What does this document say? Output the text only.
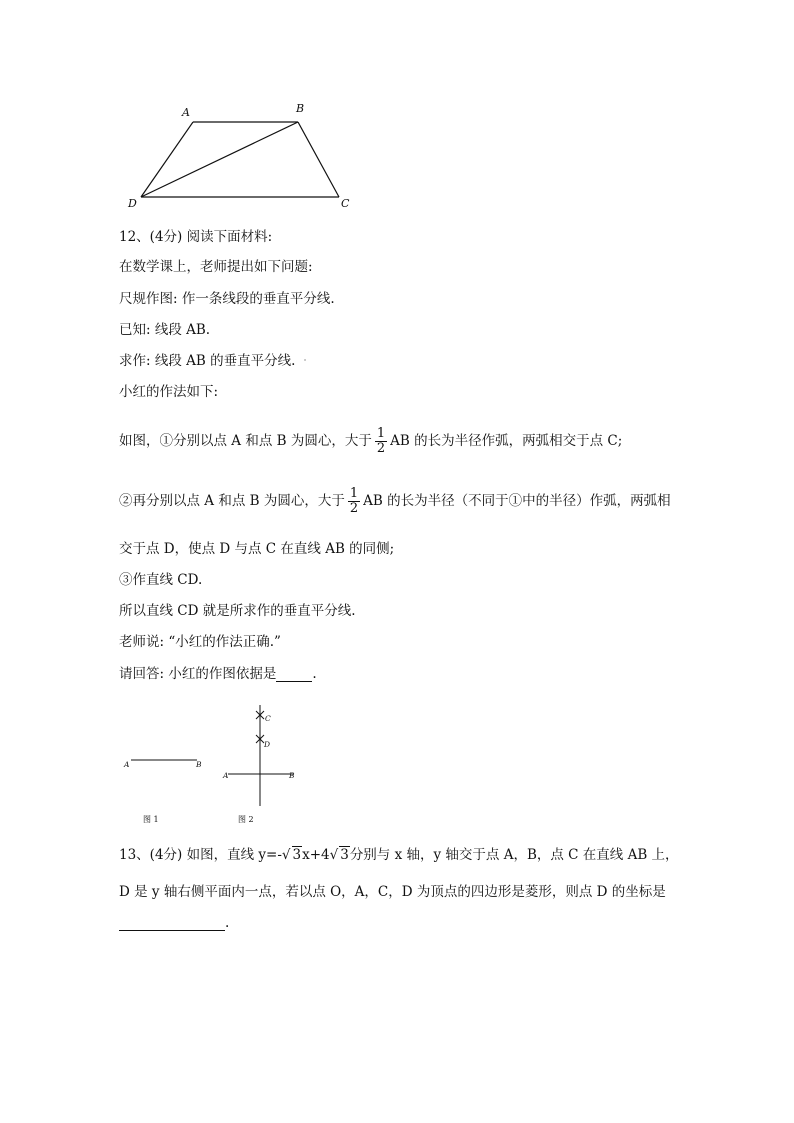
A	B
C
D
12、(4分) 阅读下面材料:
在数学课上，老师提出如下问题:
尺规作图: 作一条线段的垂直平分线.
已知: 线段 AB.
求作: 线段 AB 的垂直平分线. ·
小红的作法如下:
如图，①分别以点 A 和点 B 为圆心，大于 $\frac{1}{2}$ AB 的长为半径作弧，两弧相交于点 C;
②再分别以点 A 和点 B 为圆心，大于 $\frac{1}{2}$ AB 的长为半径（不同于①中的半径）作弧，两弧相
交于点 D，使点 D 与点 C 在直线 AB 的同侧;
③作直线 CD.
所以直线 CD 就是所求作的垂直平分线.
老师说: “小红的作法正确.”
请回答: 小红的作图依据是	.
A	B
A	B
C
D
图 1	图 2
13、(4分) 如图，直线 y=-√ 3x+4√ 3分别与 x 轴，y 轴交于点 A，B，点 C 在直线 AB 上，
D 是 y 轴右侧平面内一点，若以点 O，A，C，D 为顶点的四边形是菱形，则点 D 的坐标是
.
